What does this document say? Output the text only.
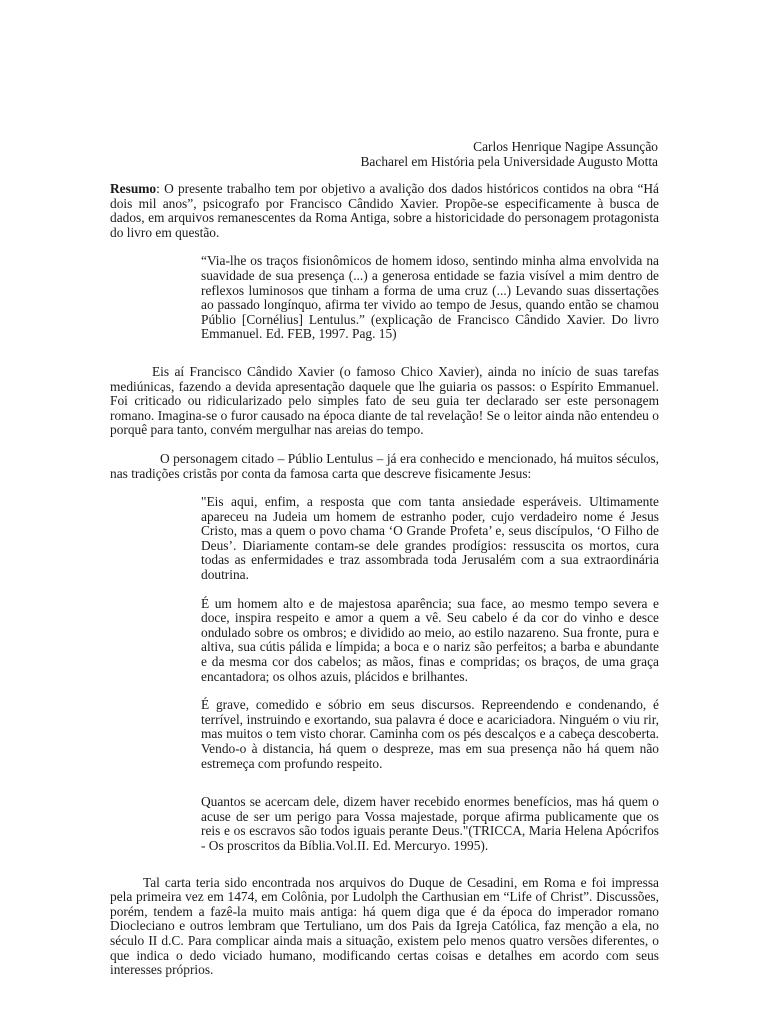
Carlos Henrique Nagipe Assunção
Bacharel em História pela Universidade Augusto Motta

Resumo: O presente trabalho tem por objetivo a avalição dos dados históricos contidos na obra “Há dois mil anos”, psicografo por Francisco Cândido Xavier. Propõe-se especificamente à busca de dados, em arquivos remanescentes da Roma Antiga, sobre a historicidade do personagem protagonista do livro em questão.

“Via-lhe os traços fisionômicos de homem idoso, sentindo minha alma envolvida na suavidade de sua presença (...) a generosa entidade se fazia visível a mim dentro de reflexos luminosos que tinham a forma de uma cruz (...) Levando suas dissertações ao passado longínquo, afirma ter vivido ao tempo de Jesus, quando então se chamou Públio [Cornélius] Lentulus.” (explicação de Francisco Cândido Xavier. Do livro Emmanuel. Ed. FEB, 1997. Pag. 15)

Eis aí Francisco Cândido Xavier (o famoso Chico Xavier), ainda no início de suas tarefas mediúnicas, fazendo a devida apresentação daquele que lhe guiaria os passos: o Espírito Emmanuel. Foi criticado ou ridicularizado pelo simples fato de seu guia ter declarado ser este personagem romano. Imagina-se o furor causado na época diante de tal revelação! Se o leitor ainda não entendeu o porquê para tanto, convém mergulhar nas areias do tempo.

O personagem citado – Públio Lentulus – já era conhecido e mencionado, há muitos séculos, nas tradições cristãs por conta da famosa carta que descreve fisicamente Jesus:

"Eis aqui, enfim, a resposta que com tanta ansiedade esperáveis. Ultimamente apareceu na Judeia um homem de estranho poder, cujo verdadeiro nome é Jesus Cristo, mas a quem o povo chama ‘O Grande Profeta’ e, seus discípulos, ‘O Filho de Deus’. Diariamente contam-se dele grandes prodígios: ressuscita os mortos, cura todas as enfermidades e traz assombrada toda Jerusalém com a sua extraordinária doutrina.

É um homem alto e de majestosa aparência; sua face, ao mesmo tempo severa e doce, inspira respeito e amor a quem a vê. Seu cabelo é da cor do vinho e desce ondulado sobre os ombros; e dividido ao meio, ao estilo nazareno. Sua fronte, pura e altiva, sua cútis pálida e límpida; a boca e o nariz são perfeitos; a barba e abundante e da mesma cor dos cabelos; as mãos, finas e compridas; os braços, de uma graça encantadora; os olhos azuis, plácidos e brilhantes.

É grave, comedido e sóbrio em seus discursos. Repreendendo e condenando, é terrível, instruindo e exortando, sua palavra é doce e acariciadora. Ninguém o viu rir, mas muitos o tem visto chorar. Caminha com os pés descalços e a cabeça descoberta. Vendo-o à distancia, há quem o despreze, mas em sua presença não há quem não estremeça com profundo respeito.

Quantos se acercam dele, dizem haver recebido enormes benefícios, mas há quem o acuse de ser um perigo para Vossa majestade, porque afirma publicamente que os reis e os escravos são todos iguais perante Deus."(TRICCA, Maria Helena Apócrifos - Os proscritos da Bíblia.Vol.II. Ed. Mercuryo. 1995).

Tal carta teria sido encontrada nos arquivos do Duque de Cesadini, em Roma e foi impressa pela primeira vez em 1474, em Colônia, por Ludolph the Carthusian em “Life of Christ”. Discussões, porém, tendem a fazê-la muito mais antiga: há quem diga que é da época do imperador romano Diocleciano e outros lembram que Tertuliano, um dos Pais da Igreja Católica, faz menção a ela, no século II d.C. Para complicar ainda mais a situação, existem pelo menos quatro versões diferentes, o que indica o dedo viciado humano, modificando certas coisas e detalhes em acordo com seus interesses próprios.
